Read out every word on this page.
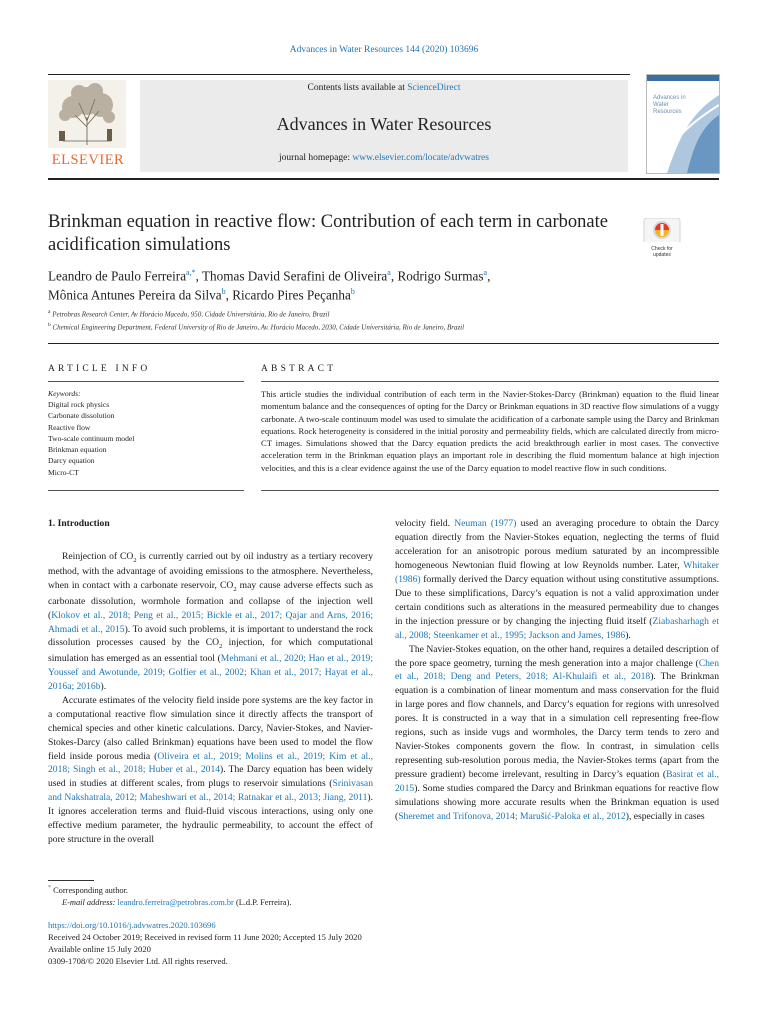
Advances in Water Resources 144 (2020) 103696
ELSEVIER
Contents lists available at ScienceDirect
Advances in Water Resources
journal homepage: www.elsevier.com/locate/advwatres
Advances in Water Resources
Brinkman equation in reactive flow: Contribution of each term in carbonate acidification simulations	Check for updates
Leandro de Paulo Ferreira$^{a,*}$, Thomas David Serafini de Oliveira$^a$, Rodrigo Surmas$^a$,
Mônica Antunes Pereira da Silva$^b$, Ricardo Pires Peçanha$^b$
$^a$ Petrobras Research Center, Av Horácio Macedo, 950, Cidade Universitária, Rio de Janeiro, Brazil
$^b$ Chemical Engineering Department, Federal University of Rio de Janeiro, Av. Horácio Macedo, 2030, Cidade Universitária, Rio de Janeiro, Brazil
ARTICLE INFO	ABSTRACT
Keywords:
Digital rock physics
Carbonate dissolution
Reactive flow
Two-scale continuum model
Brinkman equation
Darcy equation
Micro-CT
This article studies the individual contribution of each term in the Navier-Stokes-Darcy (Brinkman) equation to the fluid linear momentum balance and the consequences of opting for the Darcy or Brinkman equations in 3D reactive flow simulations of a vuggy carbonate. A two-scale continuum model was used to simulate the acidification of a carbonate sample using the Darcy and Brinkman equations. Rock heterogeneity is considered in the initial porosity and permeability fields, which are calculated directly from micro-CT images. Simulations showed that the Darcy equation predicts the acid breakthrough earlier in most cases. The convective acceleration term in the Brinkman equation plays an important role in describing the fluid momentum balance at high injection velocities, and this is a clear evidence against the use of the Darcy equation to model reactive flow in such conditions.

1. Introduction

Reinjection of $CO_2$ is currently carried out by oil industry as a tertiary recovery method, with the advantage of avoiding emissions to the atmosphere. Nevertheless, when in contact with a carbonate reservoir, $CO_2$ may cause adverse effects such as carbonate dissolution, wormhole formation and collapse of the injection well (Klokov et al., 2018; Peng et al., 2015; Bickle et al., 2017; Qajar and Arns, 2016; Ahmadi et al., 2015). To avoid such problems, it is important to understand the rock dissolution processes caused by the $CO_2$ injection, for which computational simulation has emerged as an essential tool (Mehmani et al., 2020; Hao et al., 2019; Youssef and Awotunde, 2019; Golfier et al., 2002; Khan et al., 2017; Hayat et al., 2016a; 2016b).

Accurate estimates of the velocity field inside pore systems are the key factor in a computational reactive flow simulation since it directly affects the transport of chemical species and other kinetic calculations. Darcy, Navier-Stokes, and Navier-Stokes-Darcy (also called Brinkman) equations have been used to model the flow field inside porous media (Oliveira et al., 2019; Molins et al., 2019; Kim et al., 2018; Singh et al., 2018; Huber et al., 2014). The Darcy equation has been widely used in studies at different scales, from plugs to reservoir simulations (Srinivasan and Nakshatrala, 2012; Maheshwari et al., 2014; Ratnakar et al., 2013; Jiang, 2011). It ignores acceleration terms and fluid-fluid viscous interactions, using only one effective medium parameter, the hydraulic permeability, to account the effect of pore structure in the overall

velocity field. Neuman (1977) used an averaging procedure to obtain the Darcy equation directly from the Navier-Stokes equation, neglecting the terms of fluid acceleration for an anisotropic porous medium saturated by an incompressible homogeneous Newtonian fluid flowing at low Reynolds number. Later, Whitaker (1986) formally derived the Darcy equation without using constitutive assumptions. Due to these simplifications, Darcy’s equation is not a valid approximation under certain conditions such as alterations in the measured permeability due to changes in the injection pressure or by changing the injecting fluid itself (Ziabasharhagh et al., 2008; Steenkamer et al., 1995; Jackson and James, 1986).

The Navier-Stokes equation, on the other hand, requires a detailed description of the pore space geometry, turning the mesh generation into a major challenge (Chen et al., 2018; Deng and Peters, 2018; Al-Khulaifi et al., 2018). The Brinkman equation is a combination of linear momentum and mass conservation for the fluid in large pores and flow channels, and Darcy’s equation for regions with unresolved pores. It is constructed in a way that in a simulation cell representing free-flow regions, such as inside vugs and wormholes, the Darcy term tends to zero and Navier-Stokes components govern the flow. In contrast, in simulation cells representing sub-resolution porous media, the Navier-Stokes terms (apart from the pressure gradient) become irrelevant, resulting in Darcy’s equation (Basirat et al., 2015). Some studies compared the Darcy and Brinkman equations for reactive flow simulations showing more accurate results when the Brinkman equation is used (Sheremet and Trifonova, 2014; Marušić-Paloka et al., 2012), especially in cases

* Corresponding author.
E-mail address: leandro.ferreira@petrobras.com.br (L.d.P. Ferreira).
https://doi.org/10.1016/j.advwatres.2020.103696
Received 24 October 2019; Received in revised form 11 June 2020; Accepted 15 July 2020
Available online 15 July 2020
0309-1708/© 2020 Elsevier Ltd. All rights reserved.
